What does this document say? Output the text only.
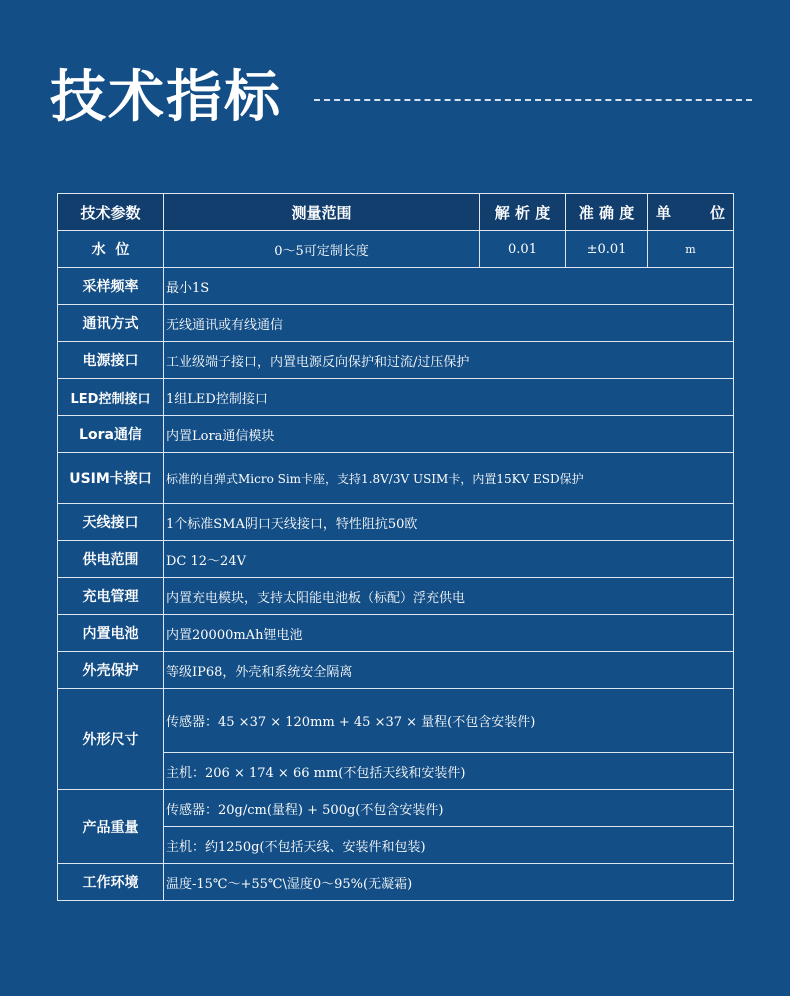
技术指标
技术参数	测量范围	解 析 度	准 确 度	单 位

水  位	0～5可定制长度	0.01	±0.01	m
采样频率	最小1S			
通讯方式	无线通讯或有线通信			
电源接口	工业级端子接口，内置电源反向保护和过流/过压保护			
LED控制接口	1组LED控制接口			
Lora通信	内置Lora通信模块			
USIM卡接口	标准的自弹式Micro Sim卡座，支持1.8V/3V USIM卡，内置15KV ESD保护			
天线接口	1个标准SMA阴口天线接口，特性阻抗50欧			
供电范围	DC 12～24V			
充电管理	内置充电模块，支持太阳能电池板（标配）浮充供电			
内置电池	内置20000mAh锂电池			
外壳保护	等级IP68，外壳和系统安全隔离			
外形尺寸	传感器：45 ×37 × 120mm + 45 ×37 × 量程(不包含安装件)			
	主机：206 × 174 × 66 mm(不包括天线和安装件)			
产品重量	传感器：20g/cm(量程) + 500g(不包含安装件)			
	主机：约1250g(不包括天线、安装件和包装)			
工作环境	温度-15℃～+55℃\湿度0～95%(无凝霜)			
